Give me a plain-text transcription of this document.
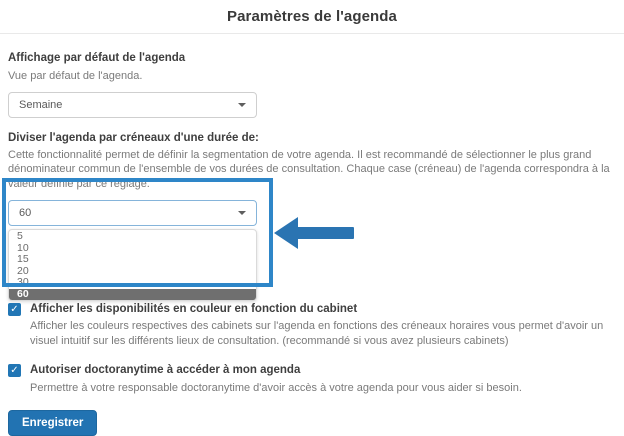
Paramètres de l'agenda
Affichage par défaut de l'agenda
Vue par défaut de l'agenda.
Semaine
Diviser l'agenda par créneaux d'une durée de:
Cette fonctionnalité permet de définir la segmentation de votre agenda. Il est recommandé de sélectionner le plus grand dénominateur commun de l'ensemble de vos durées de consultation. Chaque case (créneau) de l'agenda correspondra à la valeur définie par ce réglage.
60
5
10
15
20
30
60
✓ Afficher les disponibilités en couleur en fonction du cabinet
Afficher les couleurs respectives des cabinets sur l'agenda en fonctions des créneaux horaires vous permet d'avoir un visuel intuitif sur les différents lieux de consultation. (recommandé si vous avez plusieurs cabinets)
✓ Autoriser doctoranytime à accéder à mon agenda
Permettre à votre responsable doctoranytime d'avoir accès à votre agenda pour vous aider si besoin.
Enregistrer
